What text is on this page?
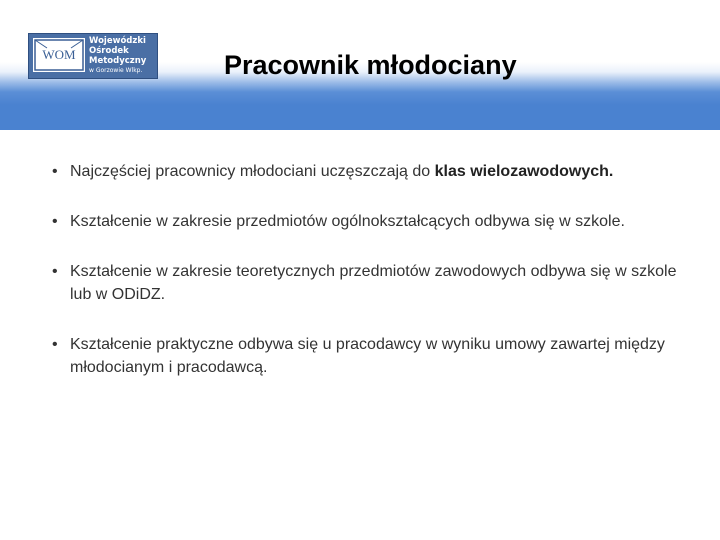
WOM
Wojewódzki
Ośrodek
Metodyczny
w Gorzowie Wlkp.	Pracownik młodociany
• Najczęściej pracownicy młodociani uczęszczają do klas wielozawodowych.
• Kształcenie w zakresie przedmiotów ogólnokształcących odbywa się w szkole.
• Kształcenie w zakresie teoretycznych przedmiotów zawodowych odbywa się w szkole lub w ODiDZ.
• Kształcenie praktyczne odbywa się u pracodawcy w wyniku umowy zawartej między młodocianym i pracodawcą.
